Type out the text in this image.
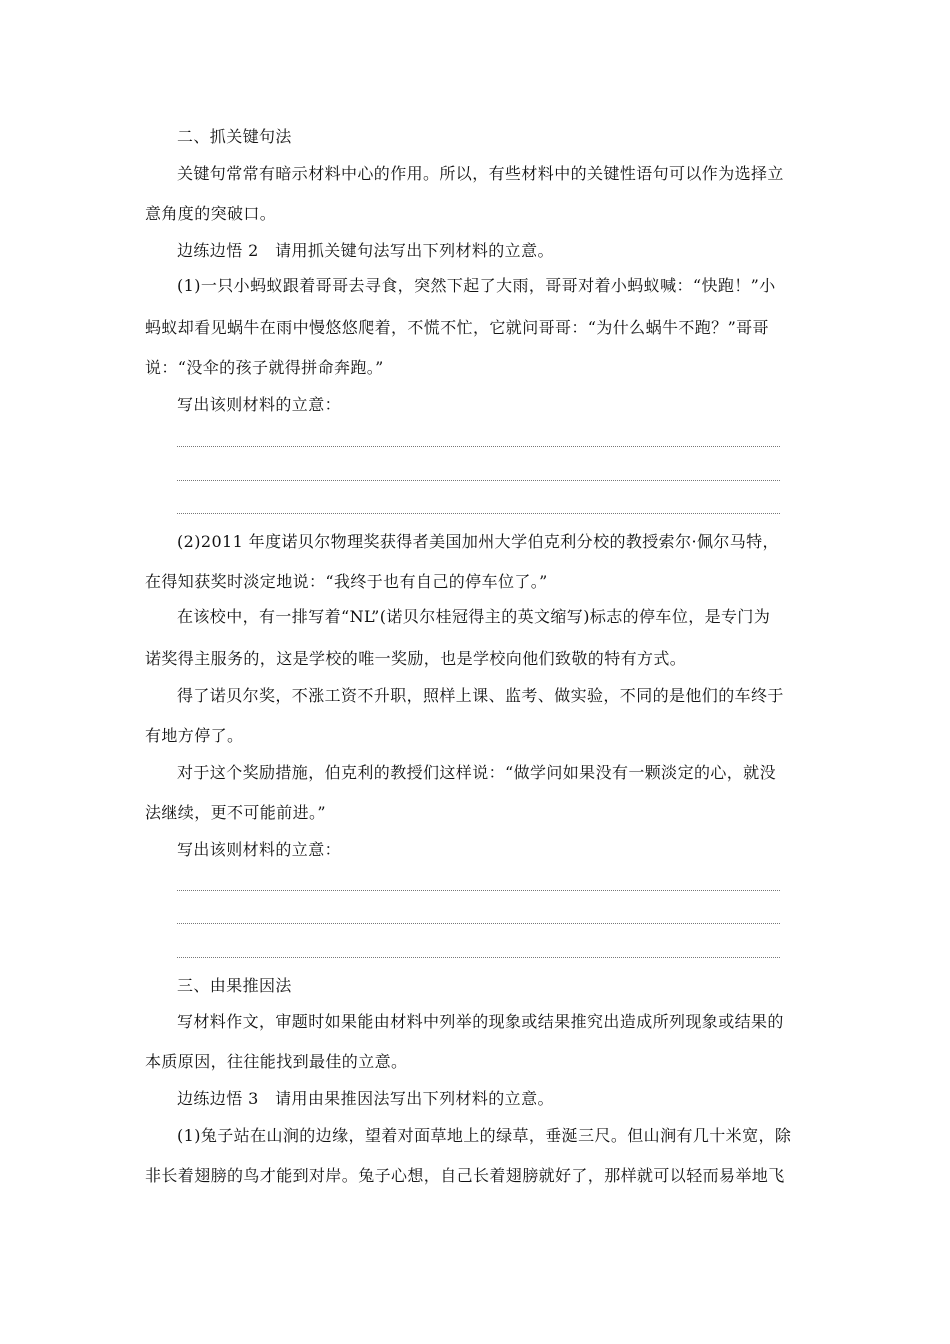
二、抓关键句法
关键句常常有暗示材料中心的作用。所以，有些材料中的关键性语句可以作为选择立
意角度的突破口。
边练边悟 2　请用抓关键句法写出下列材料的立意。
(1)一只小蚂蚁跟着哥哥去寻食，突然下起了大雨，哥哥对着小蚂蚁喊：“快跑！”小
蚂蚁却看见蜗牛在雨中慢悠悠爬着，不慌不忙，它就问哥哥：“为什么蜗牛不跑？”哥哥
说：“没伞的孩子就得拼命奔跑。”
写出该则材料的立意：
(2)2011 年度诺贝尔物理奖获得者美国加州大学伯克利分校的教授索尔·佩尔马特，
在得知获奖时淡定地说：“我终于也有自己的停车位了。”
在该校中，有一排写着“NL”(诺贝尔桂冠得主的英文缩写)标志的停车位，是专门为
诺奖得主服务的，这是学校的唯一奖励，也是学校向他们致敬的特有方式。
得了诺贝尔奖，不涨工资不升职，照样上课、监考、做实验，不同的是他们的车终于
有地方停了。
对于这个奖励措施，伯克利的教授们这样说：“做学问如果没有一颗淡定的心，就没
法继续，更不可能前进。”
写出该则材料的立意：
三、由果推因法
写材料作文，审题时如果能由材料中列举的现象或结果推究出造成所列现象或结果的
本质原因，往往能找到最佳的立意。
边练边悟 3　请用由果推因法写出下列材料的立意。
(1)兔子站在山涧的边缘，望着对面草地上的绿草，垂涎三尺。但山涧有几十米宽，除
非长着翅膀的鸟才能到对岸。兔子心想，自己长着翅膀就好了，那样就可以轻而易举地飞
